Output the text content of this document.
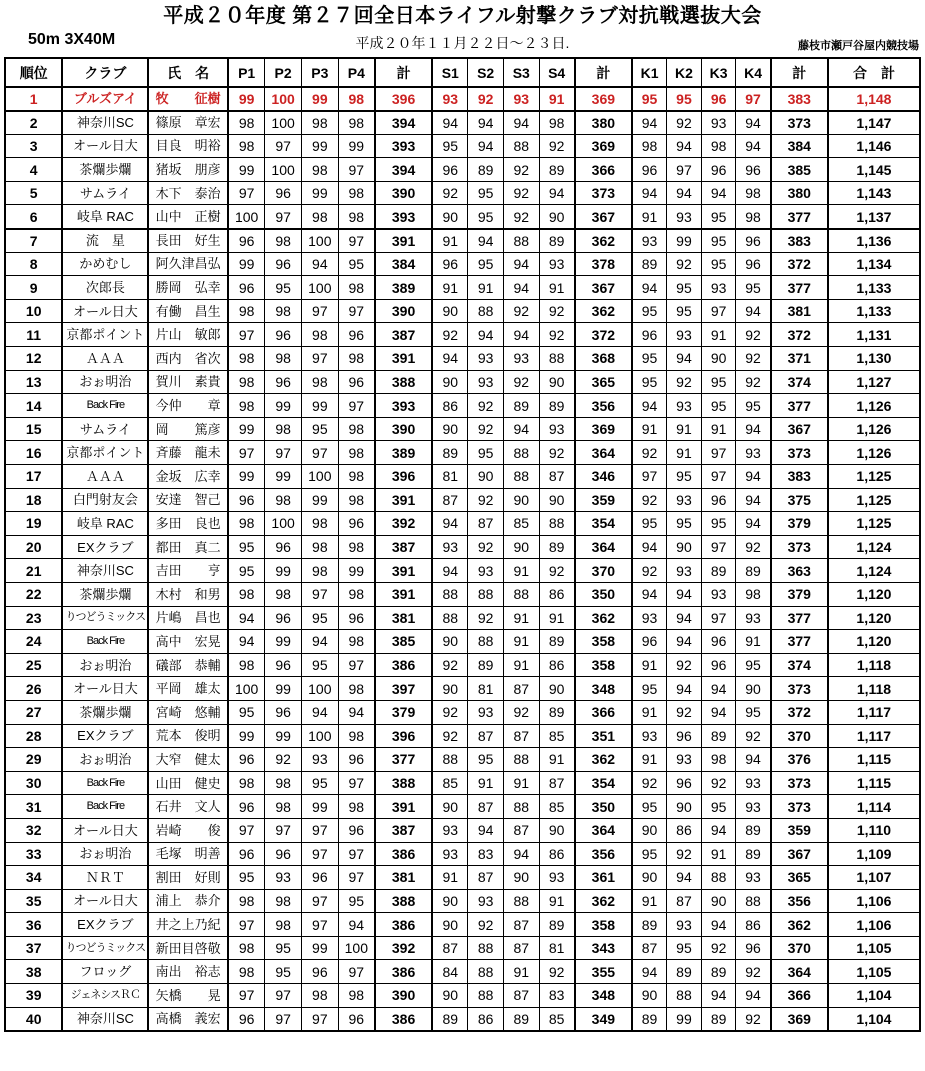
平成２０年度 第２７回全日本ライフル射撃クラブ対抗戦選抜大会
50m 3X40M	平成２０年１１月２２日～２３日.	藤枝市瀬戸谷屋内競技場
順位	クラブ	氏　名	P1	P2	P3	P4	計	S1	S2	S3	S4	計	K1	K2	K3	K4	計	合　計
1	ブルズアイ	牧　　征樹	99	100	99	98	396	93	92	93	91	369	95	95	96	97	383	1,148
2	神奈川SC	篠原　章宏	98	100	98	98	394	94	94	94	98	380	94	92	93	94	373	1,147
3	オール日大	目良　明裕	98	97	99	99	393	95	94	88	92	369	98	94	98	94	384	1,146
4	茶爛歩爛	猪坂　朋彦	99	100	98	97	394	96	89	92	89	366	96	97	96	96	385	1,145
5	サムライ	木下　泰治	97	96	99	98	390	92	95	92	94	373	94	94	94	98	380	1,143
6	岐阜 RAC	山中　正樹	100	97	98	98	393	90	95	92	90	367	91	93	95	98	377	1,137
7	流　星	長田　好生	96	98	100	97	391	91	94	88	89	362	93	99	95	96	383	1,136
8	かめむし	阿久津昌弘	99	96	94	95	384	96	95	94	93	378	89	92	95	96	372	1,134
9	次郎長	勝岡　弘幸	96	95	100	98	389	91	91	94	91	367	94	95	93	95	377	1,133
10	オール日大	有働　昌生	98	98	97	97	390	90	88	92	92	362	95	95	97	94	381	1,133
11	京都ポイント	片山　敏郎	97	96	98	96	387	92	94	94	92	372	96	93	91	92	372	1,131
12	ＡＡＡ	西内　省次	98	98	97	98	391	94	93	93	88	368	95	94	90	92	371	1,130
13	おぉ明治	賀川　素貴	98	96	98	96	388	90	93	92	90	365	95	92	95	92	374	1,127
14	Back Fire	今仲　　章	98	99	99	97	393	86	92	89	89	356	94	93	95	95	377	1,126
15	サムライ	岡　　篤彦	99	98	95	98	390	90	92	94	93	369	91	91	91	94	367	1,126
16	京都ポイント	斉藤　龍未	97	97	97	98	389	89	95	88	92	364	92	91	97	93	373	1,126
17	ＡＡＡ	金坂　広幸	99	99	100	98	396	81	90	88	87	346	97	95	97	94	383	1,125
18	白門射友会	安達　智己	96	98	99	98	391	87	92	90	90	359	92	93	96	94	375	1,125
19	岐阜 RAC	多田　良也	98	100	98	96	392	94	87	85	88	354	95	95	95	94	379	1,125
20	EXクラブ	都田　真二	95	96	98	98	387	93	92	90	89	364	94	90	97	92	373	1,124
21	神奈川SC	吉田　　亨	95	99	98	99	391	94	93	91	92	370	92	93	89	89	363	1,124
22	茶爛歩爛	木村　和男	98	98	97	98	391	88	88	88	86	350	94	94	93	98	379	1,120
23	りつどうミックス	片嶋　昌也	94	96	95	96	381	88	92	91	91	362	93	94	97	93	377	1,120
24	Back Fire	高中　宏晃	94	99	94	98	385	90	88	91	89	358	96	94	96	91	377	1,120
25	おぉ明治	礒部　恭輔	98	96	95	97	386	92	89	91	86	358	91	92	96	95	374	1,118
26	オール日大	平岡　雄太	100	99	100	98	397	90	81	87	90	348	95	94	94	90	373	1,118
27	茶爛歩爛	宮崎　悠輔	95	96	94	94	379	92	93	92	89	366	91	92	94	95	372	1,117
28	EXクラブ	荒本　俊明	99	99	100	98	396	92	87	87	85	351	93	96	89	92	370	1,117
29	おぉ明治	大窄　健太	96	92	93	96	377	88	95	88	91	362	91	93	98	94	376	1,115
30	Back Fire	山田　健史	98	98	95	97	388	85	91	91	87	354	92	96	92	93	373	1,115
31	Back Fire	石井　文人	96	98	99	98	391	90	87	88	85	350	95	90	95	93	373	1,114
32	オール日大	岩崎　　俊	97	97	97	96	387	93	94	87	90	364	90	86	94	89	359	1,110
33	おぉ明治	毛塚　明善	96	96	97	97	386	93	83	94	86	356	95	92	91	89	367	1,109
34	ＮＲＴ	割田　好則	95	93	96	97	381	91	87	90	93	361	90	94	88	93	365	1,107
35	オール日大	浦上　恭介	98	98	97	95	388	90	93	88	91	362	91	87	90	88	356	1,106
36	EXクラブ	井之上乃紀	97	98	97	94	386	90	92	87	89	358	89	93	94	86	362	1,106
37	りつどうミックス	新田目啓敬	98	95	99	100	392	87	88	87	81	343	87	95	92	96	370	1,105
38	フロッグ	南出　裕志	98	95	96	97	386	84	88	91	92	355	94	89	89	92	364	1,105
39	ジェネシスＲＣ	矢橋　　晃	97	97	98	98	390	90	88	87	83	348	90	88	94	94	366	1,104
40	神奈川SC	高橋　義宏	96	97	97	96	386	89	86	89	85	349	89	99	89	92	369	1,104
